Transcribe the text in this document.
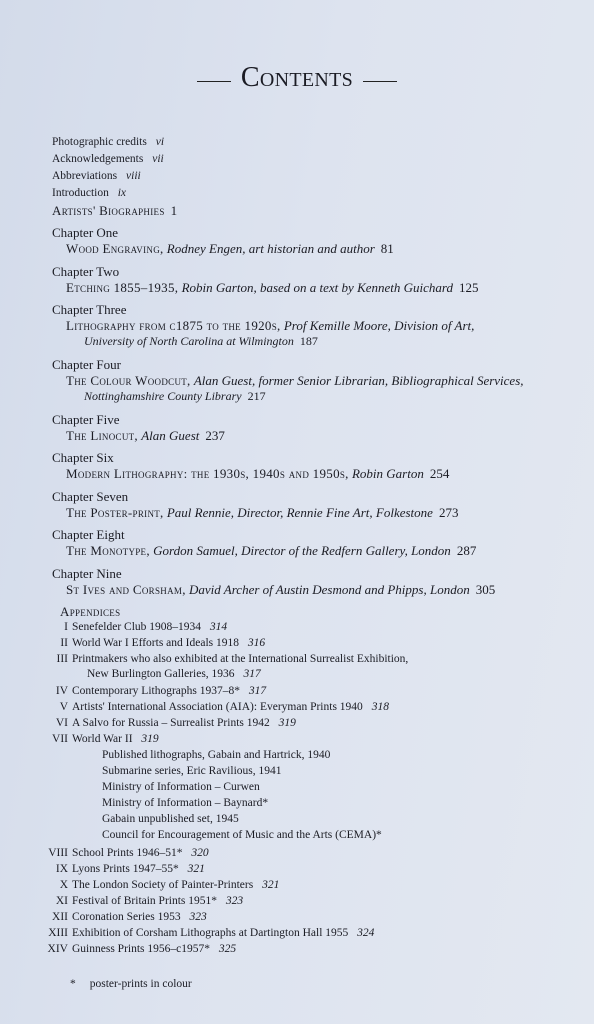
Contents
Photographic credits vi
Acknowledgements vii
Abbreviations viii
Introduction ix
Artists' Biographies 1
Chapter One
Wood Engraving, Rodney Engen, art historian and author 81
Chapter Two
Etching 1855–1935, Robin Garton, based on a text by Kenneth Guichard 125
Chapter Three
Lithography from c1875 to the 1920s, Prof Kemille Moore, Division of Art,
University of North Carolina at Wilmington 187
Chapter Four
The Colour Woodcut, Alan Guest, former Senior Librarian, Bibliographical Services,
Nottinghamshire County Library 217
Chapter Five
The Linocut, Alan Guest 237
Chapter Six
Modern Lithography: the 1930s, 1940s and 1950s, Robin Garton 254
Chapter Seven
The Poster-print, Paul Rennie, Director, Rennie Fine Art, Folkestone 273
Chapter Eight
The Monotype, Gordon Samuel, Director of the Redfern Gallery, London 287
Chapter Nine
St Ives and Corsham, David Archer of Austin Desmond and Phipps, London 305
Appendices
I Senefelder Club 1908–1934 314
II World War I Efforts and Ideals 1918 316
III Printmakers who also exhibited at the International Surrealist Exhibition,
New Burlington Galleries, 1936 317
IV Contemporary Lithographs 1937–8* 317
V Artists' International Association (AIA): Everyman Prints 1940 318
VI A Salvo for Russia – Surrealist Prints 1942 319
VII World War II 319
Published lithographs, Gabain and Hartrick, 1940
Submarine series, Eric Ravilious, 1941
Ministry of Information – Curwen
Ministry of Information – Baynard*
Gabain unpublished set, 1945
Council for Encouragement of Music and the Arts (CEMA)*
VIII School Prints 1946–51* 320
IX Lyons Prints 1947–55* 321
X The London Society of Painter-Printers 321
XI Festival of Britain Prints 1951* 323
XII Coronation Series 1953 323
XIII Exhibition of Corsham Lithographs at Dartington Hall 1955 324
XIV Guinness Prints 1956–c1957* 325
* poster-prints in colour
